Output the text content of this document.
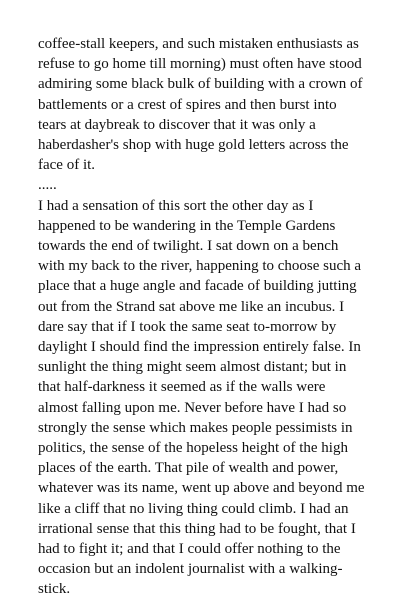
coffee-stall keepers, and such mistaken enthusiasts as
refuse to go home till morning) must often have stood
admiring some black bulk of building with a crown of
battlements or a crest of spires and then burst into
tears at daybreak to discover that it was only a
haberdasher's shop with huge gold letters across the
face of it.
.....
I had a sensation of this sort the other day as I
happened to be wandering in the Temple Gardens
towards the end of twilight. I sat down on a bench
with my back to the river, happening to choose such a
place that a huge angle and facade of building jutting
out from the Strand sat above me like an incubus. I
dare say that if I took the same seat to-morrow by
daylight I should find the impression entirely false. In
sunlight the thing might seem almost distant; but in
that half-darkness it seemed as if the walls were
almost falling upon me. Never before have I had so
strongly the sense which makes people pessimists in
politics, the sense of the hopeless height of the high
places of the earth. That pile of wealth and power,
whatever was its name, went up above and beyond me
like a cliff that no living thing could climb. I had an
irrational sense that this thing had to be fought, that I
had to fight it; and that I could offer nothing to the
occasion but an indolent journalist with a walking-
stick.
